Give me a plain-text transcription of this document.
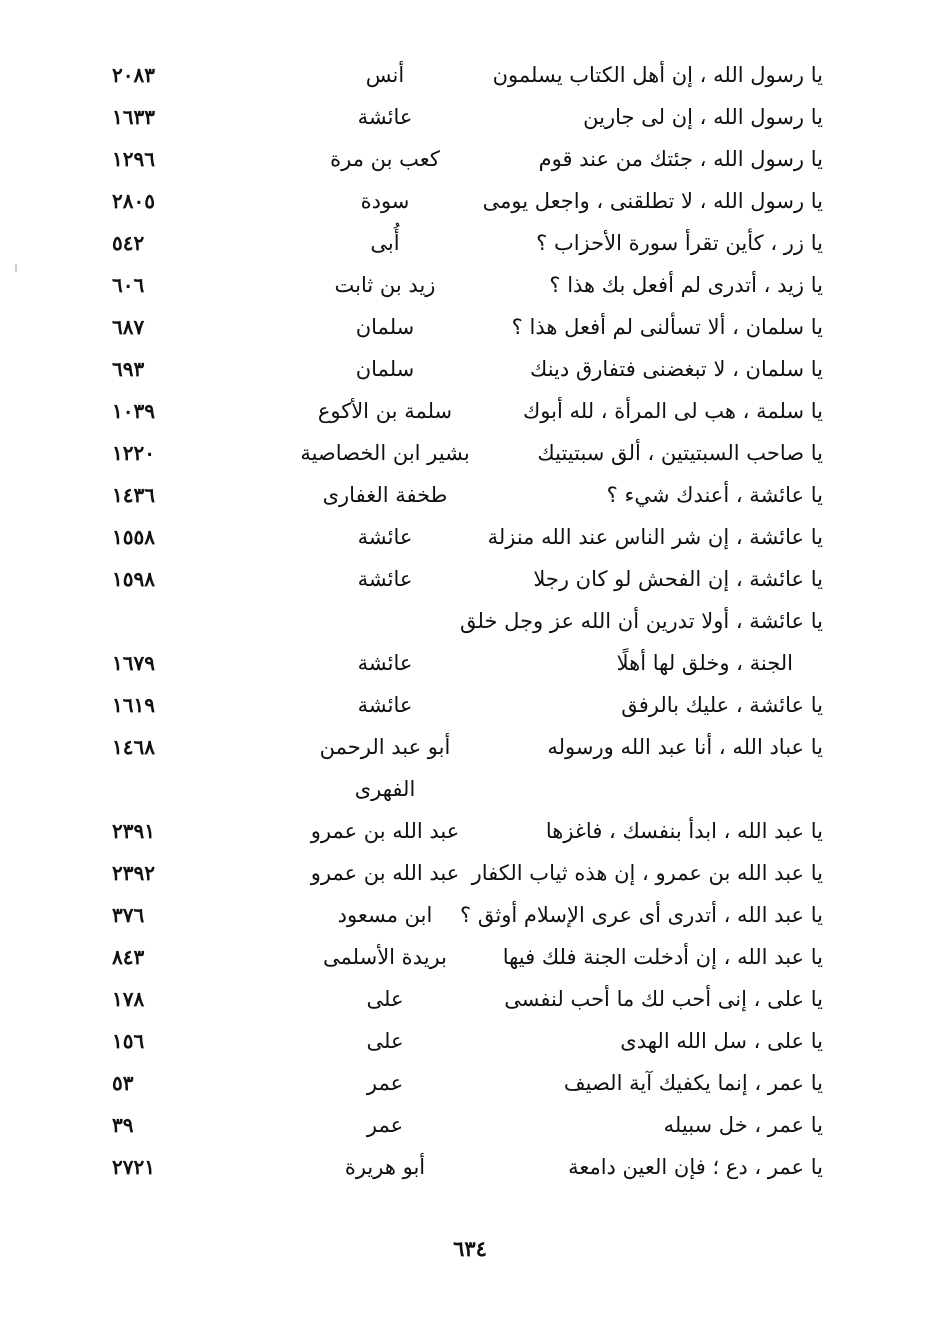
يا رسول الله ، إن أهل الكتاب يسلمون
أنس
٢٠٨٣
يا رسول الله ، إن لى جارين
عائشة
١٦٣٣
يا رسول الله ، جئتك من عند قوم
كعب بن مرة
١٢٩٦
يا رسول الله ، لا تطلقنى ، واجعل يومى
سودة
٢٨٠٥
يا زر ، كأين تقرأ سورة الأحزاب ؟
أُبى
٥٤٢
يا زيد ، أتدرى لم أفعل بك هذا ؟
زيد بن ثابت
٦٠٦
يا سلمان ، ألا تسألنى لم أفعل هذا ؟
سلمان
٦٨٧
يا سلمان ، لا تبغضنى فتفارق دينك
سلمان
٦٩٣
يا سلمة ، هب لى المرأة ، لله أبوك
سلمة بن الأكوع
١٠٣٩
يا صاحب السبتيتين ، ألق سبتيتيك
بشير ابن الخصاصية
١٢٢٠
يا عائشة ، أعندك شيء ؟
طخفة الغفارى
١٤٣٦
يا عائشة ، إن شر الناس عند الله منزلة
عائشة
١٥٥٨
يا عائشة ، إن الفحش لو كان رجلا
عائشة
١٥٩٨
يا عائشة ، أولا تدرين أن الله عز وجل خلق
الجنة ، وخلق لها أهلًا
عائشة
١٦٧٩
يا عائشة ، عليك بالرفق
عائشة
١٦١٩
يا عباد الله ، أنا عبد الله ورسوله
أبو عبد الرحمن
١٤٦٨
الفهرى
يا عبد الله ، ابدأ بنفسك ، فاغزها
عبد الله بن عمرو
٢٣٩١
يا عبد الله بن عمرو ، إن هذه ثياب الكفار
عبد الله بن عمرو
٢٣٩٢
يا عبد الله ، أتدرى أى عرى الإسلام أوثق ؟
ابن مسعود
٣٧٦
يا عبد الله ، إن أدخلت الجنة فلك فيها
بريدة الأسلمى
٨٤٣
يا على ، إنى أحب لك ما أحب لنفسى
على
١٧٨
يا على ، سل الله الهدى
على
١٥٦
يا عمر ، إنما يكفيك آية الصيف
عمر
٥٣
يا عمر ، خل سبيله
عمر
٣٩
يا عمر ، دع ؛ فإن العين دامعة
أبو هريرة
٢٧٢١
٦٣٤
